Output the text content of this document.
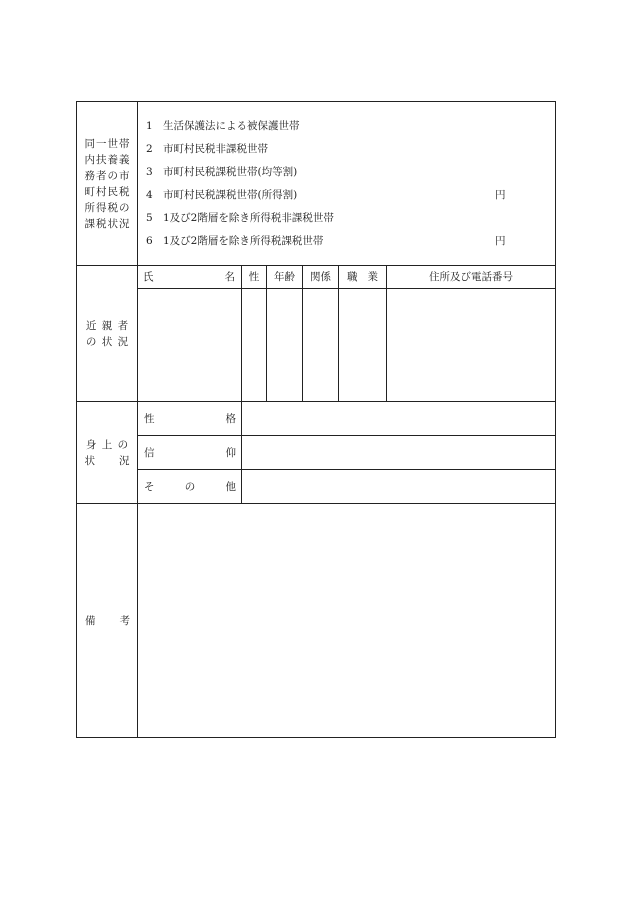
同一世帯
内扶養義
務者の市
町村民税
所得税の
課税状況
1 生活保護法による被保護世帯
2 市町村民税非課税世帯
3 市町村民税課税世帯(均等割)
4 市町村民税課税世帯(所得割)	円
5 1及び2階層を除き所得税非課税世帯
6 1及び2階層を除き所得税課税世帯	円
近 親 者
の 状 況
氏	名	性	年齢	関係	職 業	住所及び電話番号
身 上 の
状　　況
性	格
信	仰
そ	の	他
備 考
